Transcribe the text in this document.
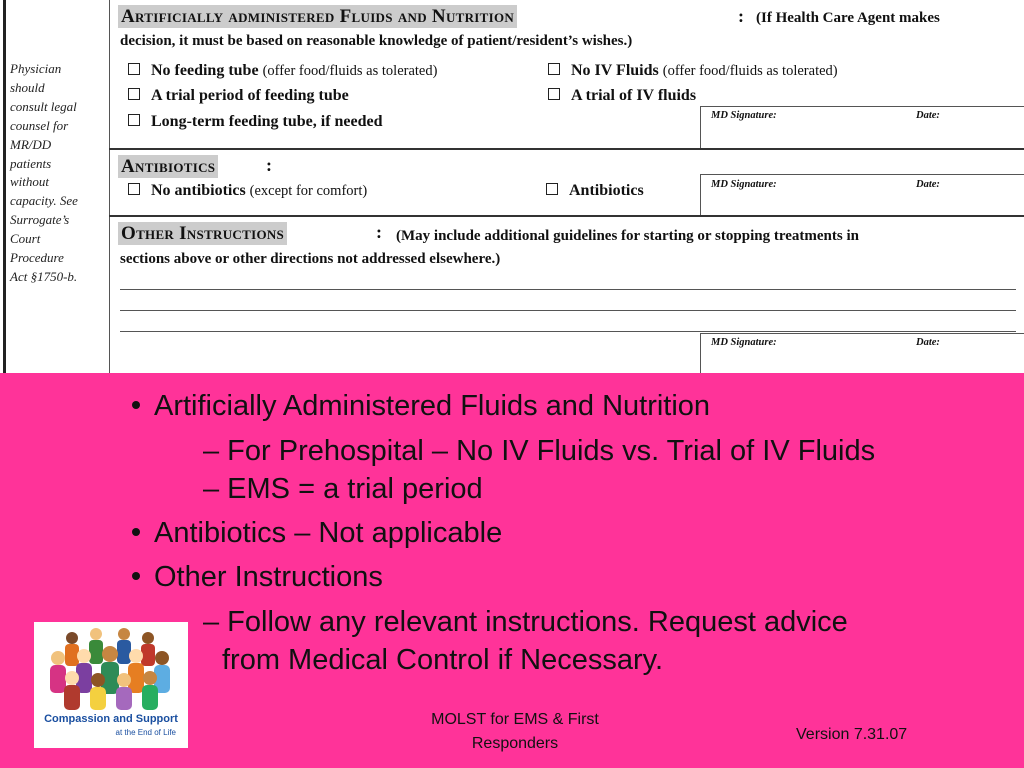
Physician
should
consult legal
counsel for
MR/DD
patients
without
capacity. See
Surrogate’s
Court
Procedure
Act §1750-b.
Artificially administered Fluids and Nutrition	: (If Health Care Agent makes
decision, it must be based on reasonable knowledge of patient/resident’s wishes.)
No feeding tube (offer food/fluids as tolerated)
A trial period of feeding tube
Long-term feeding tube, if needed
No IV Fluids (offer food/fluids as tolerated)
A trial of IV fluids
MD Signature:	Date:
Antibiotics	:
No antibiotics (except for comfort)	Antibiotics	MD Signature:	Date:
Other Instructions	: (May include additional guidelines for starting or stopping treatments in
sections above or other directions not addressed elsewhere.)
MD Signature:	Date:
Artificially Administered Fluids and Nutrition
– For Prehospital – No IV Fluids vs. Trial of IV Fluids
– EMS = a trial period
Antibiotics – Not applicable
Other Instructions
– Follow any relevant instructions. Request advice
from Medical Control if Necessary.
Compassion and Support
at the End of Life
MOLST for EMS & First
Responders
Version 7.31.07
